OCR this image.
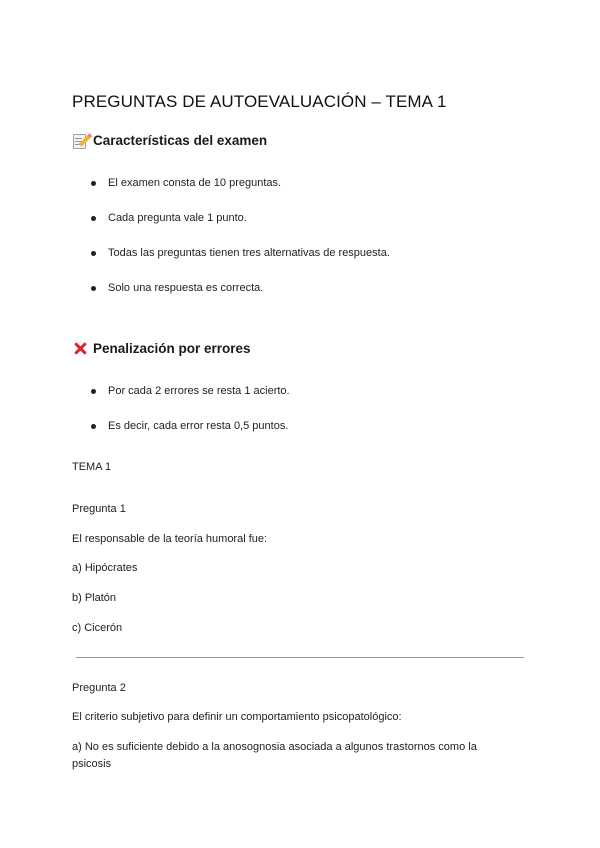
PREGUNTAS DE AUTOEVALUACIÓN – TEMA 1
Características del examen
El examen consta de 10 preguntas.
Cada pregunta vale 1 punto.
Todas las preguntas tienen tres alternativas de respuesta.
Solo una respuesta es correcta.
Penalización por errores
Por cada 2 errores se resta 1 acierto.
Es decir, cada error resta 0,5 puntos.
TEMA 1
Pregunta 1
El responsable de la teoría humoral fue:
a) Hipócrates
b) Platón
c) Cicerón
Pregunta 2
El criterio subjetivo para definir un comportamiento psicopatológico:
a) No es suficiente debido a la anosognosia asociada a algunos trastornos como la psicosis
